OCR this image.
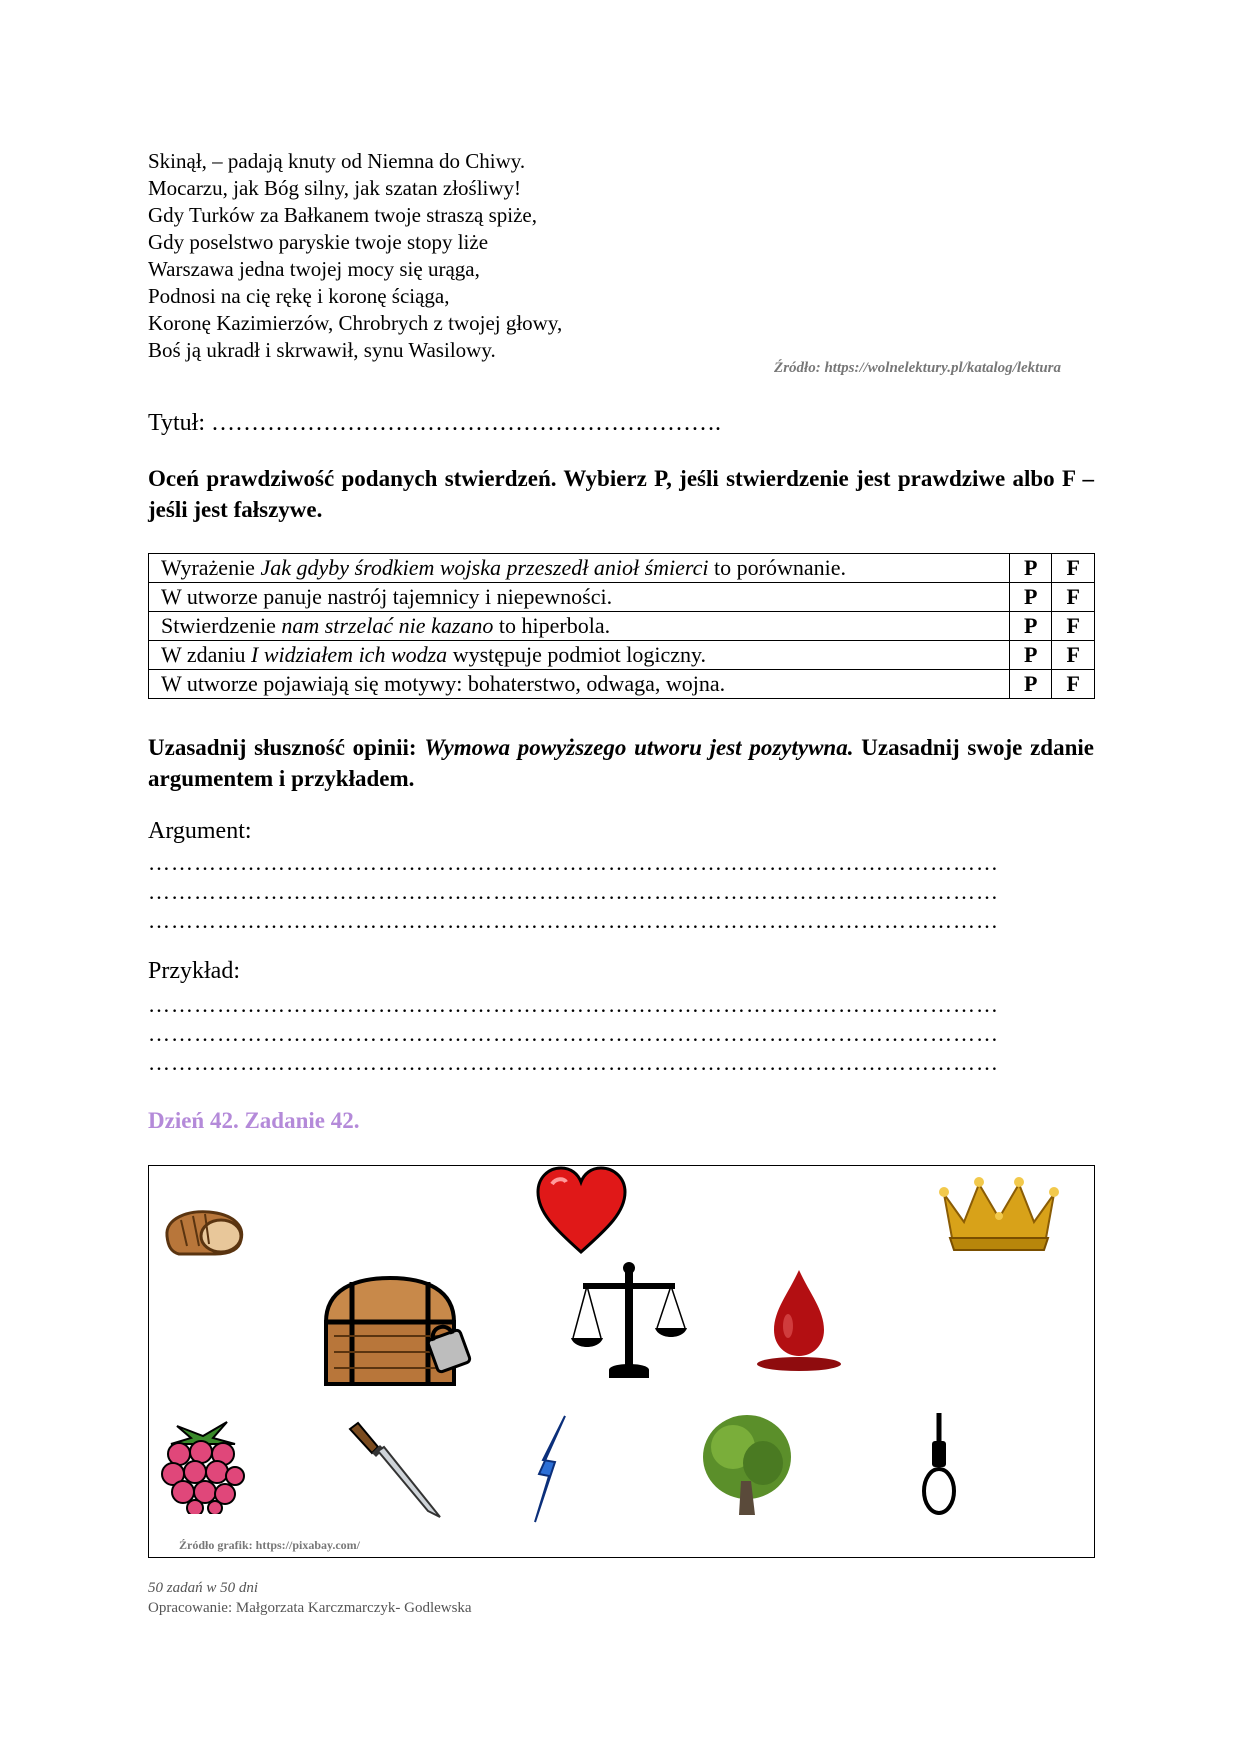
Skinął, – padają knuty od Niemna do Chiwy.
Mocarzu, jak Bóg silny, jak szatan złośliwy!
Gdy Turków za Bałkanem twoje straszą spiże,
Gdy poselstwo paryskie twoje stopy liże
Warszawa jedna twojej mocy się urąga,
Podnosi na cię rękę i koronę ściąga,
Koronę Kazimierzów, Chrobrych z twojej głowy,
Boś ją ukradł i skrwawił, synu Wasilowy.
Źródło: https://wolnelektury.pl/katalog/lektura
Tytuł: ……………………………………………………….
Oceń prawdziwość podanych stwierdzeń. Wybierz P, jeśli stwierdzenie jest prawdziwe albo F – jeśli jest fałszywe.
Wyrażenie Jak gdyby środkiem wojska przeszedł anioł śmierci to porównanie.	P	F
W utworze panuje nastrój tajemnicy i niepewności.	P	F
Stwierdzenie nam strzelać nie kazano to hiperbola.	P	F
W zdaniu I widziałem ich wodza występuje podmiot logiczny.	P	F
W utworze pojawiają się motywy: bohaterstwo, odwaga, wojna.	P	F
Uzasadnij słuszność opinii: Wymowa powyższego utworu jest pozytywna. Uzasadnij swoje zdanie argumentem i przykładem.
Argument:
…………………………………………………………………………………………………
…………………………………………………………………………………………………
…………………………………………………………………………………………………
Przykład:
…………………………………………………………………………………………………
…………………………………………………………………………………………………
…………………………………………………………………………………………………
Dzień 42. Zadanie 42.
Źródło grafik: https://pixabay.com/
50 zadań w 50 dni
Opracowanie: Małgorzata Karczmarczyk- Godlewska
